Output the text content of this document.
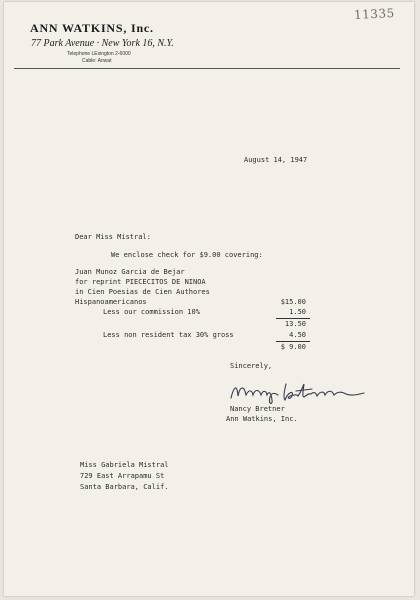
11335
ANN WATKINS, Inc.
77 Park Avenue · New York 16, N.Y.
Telephone LExington 2-6000
Cable: Anwat
August 14, 1947
Dear Miss Mistral:
We enclose check for $9.00 covering:
Juan Munoz Garcia de Bejar
for reprint PIECECITOS DE NINOA
in Cien Poesias de Cien Authores
Hispanoamericanos	$15.00
Less our commission 10%	1.50
13.50
Less non resident tax 30% gross	4.50
$ 9.00
Sincerely,
Nancy Bretner
Ann Watkins, Inc.
Miss Gabriela Mistral
729 East Arrapamu St
Santa Barbara, Calif.
